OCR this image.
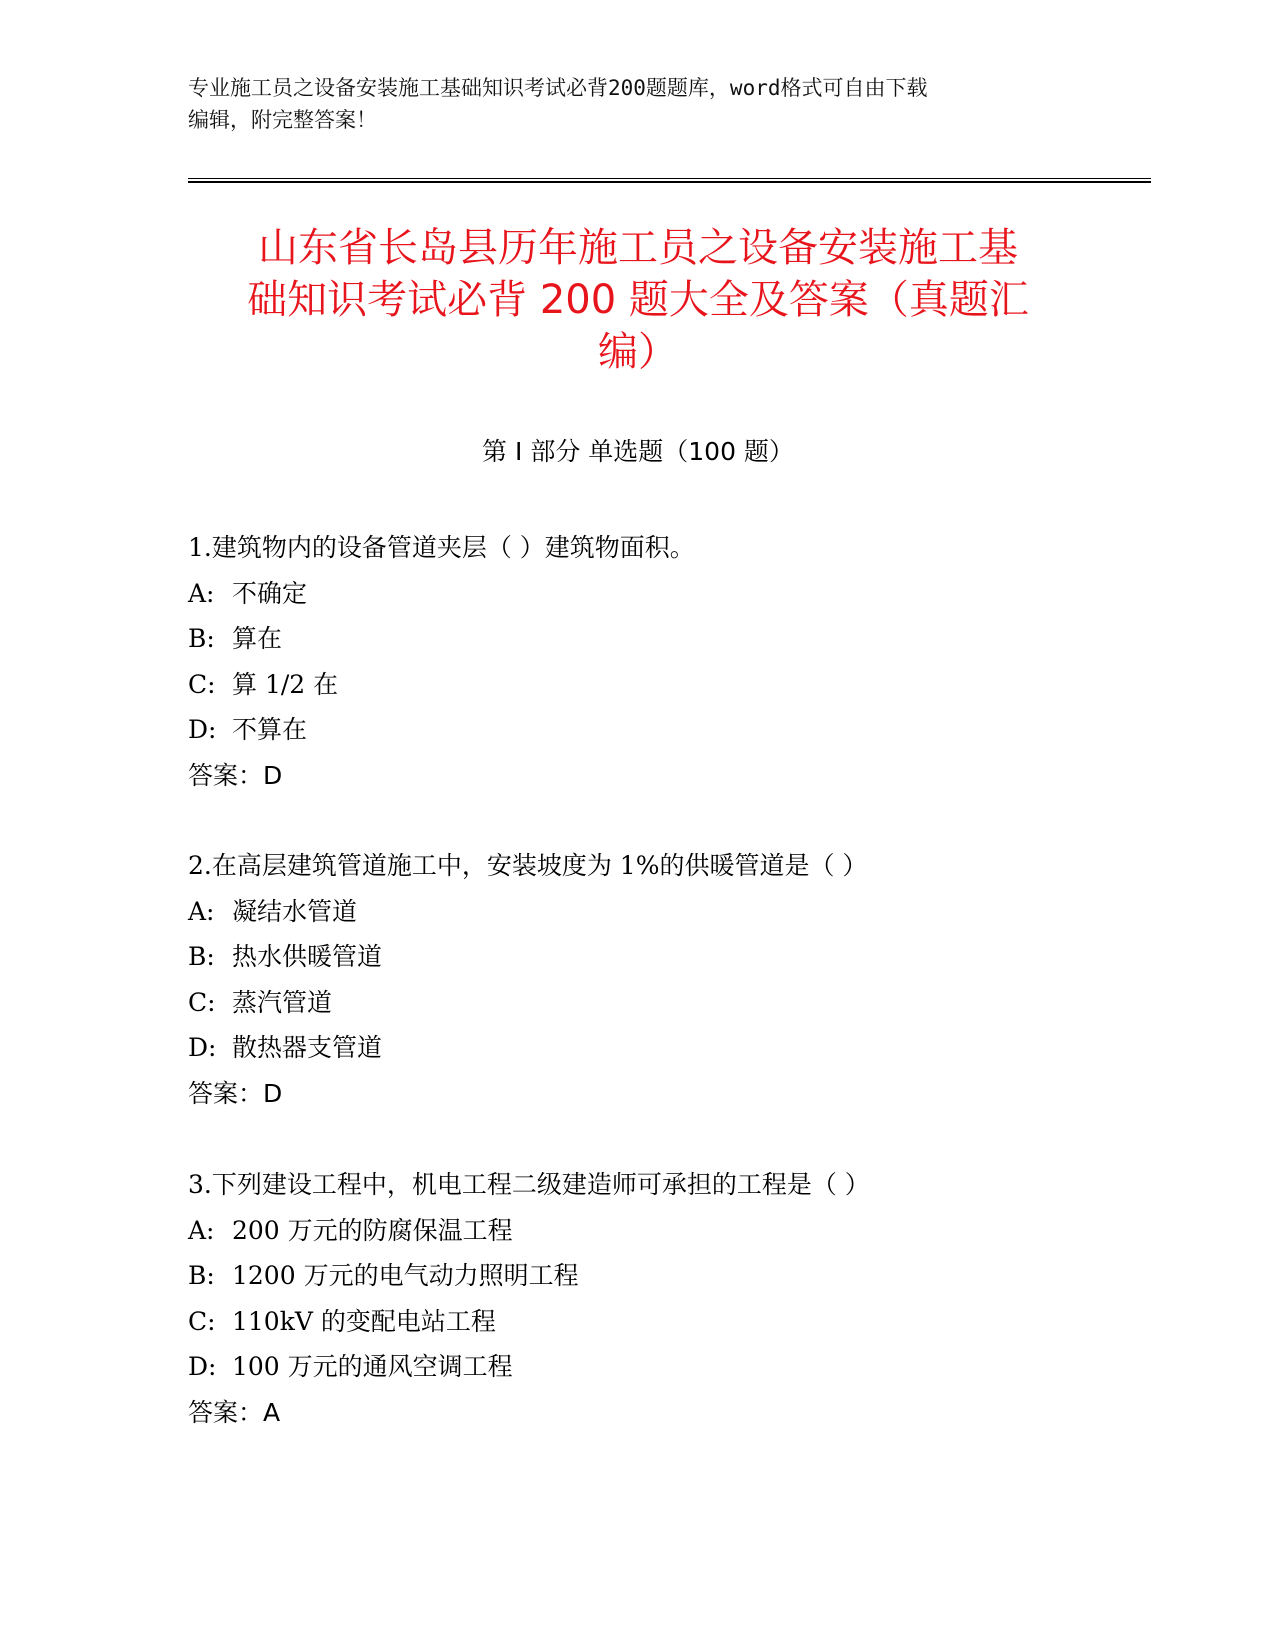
专业施工员之设备安装施工基础知识考试必背200题题库，word格式可自由下载
编辑，附完整答案！
山东省长岛县历年施工员之设备安装施工基
础知识考试必背 200 题大全及答案（真题汇
编）
第 I 部分 单选题（100 题）
1.建筑物内的设备管道夹层（ ）建筑物面积。
A: 不确定
B: 算在
C: 算 1/2 在
D: 不算在
答案：D
2.在高层建筑管道施工中，安装坡度为 1%的供暖管道是（ ）
A: 凝结水管道
B: 热水供暖管道
C: 蒸汽管道
D: 散热器支管道
答案：D
3.下列建设工程中，机电工程二级建造师可承担的工程是（ ）
A: 200 万元的防腐保温工程
B: 1200 万元的电气动力照明工程
C: 110kV 的变配电站工程
D: 100 万元的通风空调工程
答案：A
